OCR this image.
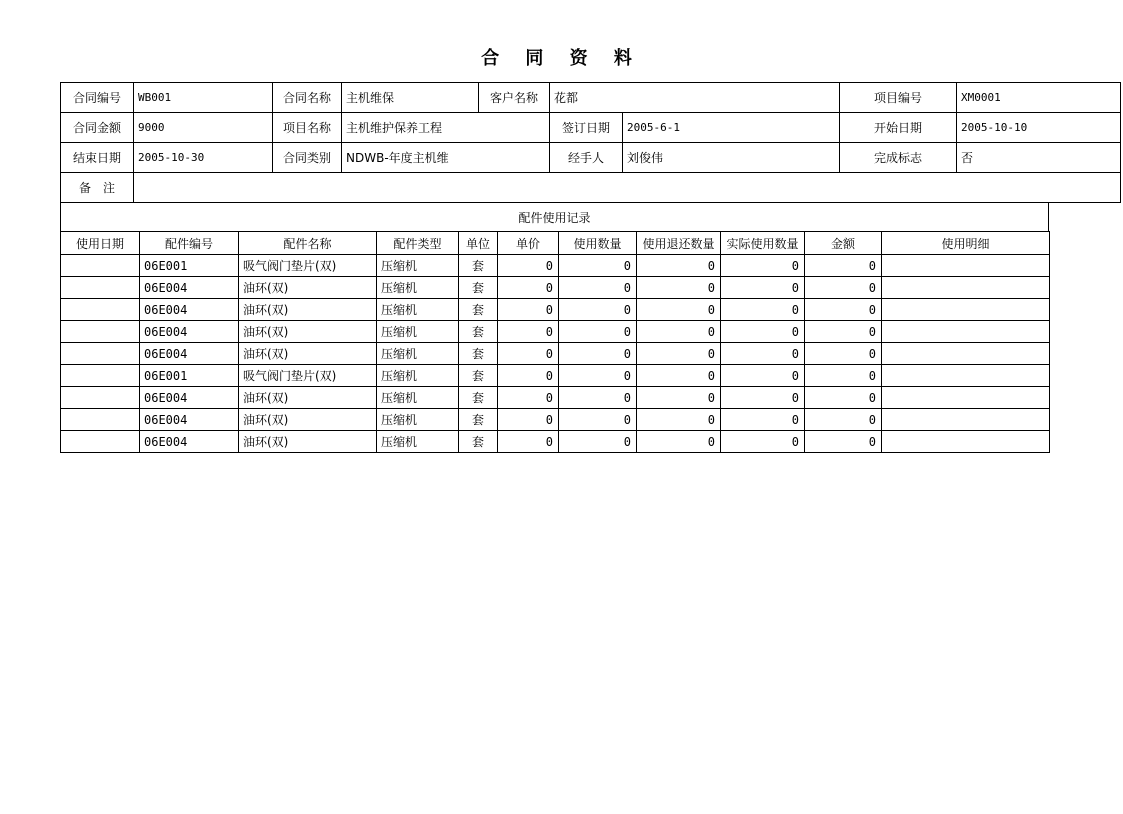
合 同 资 料
合同编号	WB001	合同名称	主机维保	客户名称	花都		项目编号	XM0001
合同金额	9000	项目名称	主机维护保养工程		签订日期	2005-6-1	开始日期	2005-10-10
结束日期	2005-10-30	合同类别	NDWB-年度主机维		经手人	刘俊伟	完成标志	否
备　注								
配件使用记录
使用日期	配件编号	配件名称	配件类型	单位	单价	使用数量	使用退还数量	实际使用数量	金额	使用明细
	06E001	吸气阀门垫片(双)	压缩机	套	0	0	0	0	0	
	06E004	油环(双)	压缩机	套	0	0	0	0	0	
	06E004	油环(双)	压缩机	套	0	0	0	0	0	
	06E004	油环(双)	压缩机	套	0	0	0	0	0	
	06E004	油环(双)	压缩机	套	0	0	0	0	0	
	06E001	吸气阀门垫片(双)	压缩机	套	0	0	0	0	0	
	06E004	油环(双)	压缩机	套	0	0	0	0	0	
	06E004	油环(双)	压缩机	套	0	0	0	0	0	
	06E004	油环(双)	压缩机	套	0	0	0	0	0	
